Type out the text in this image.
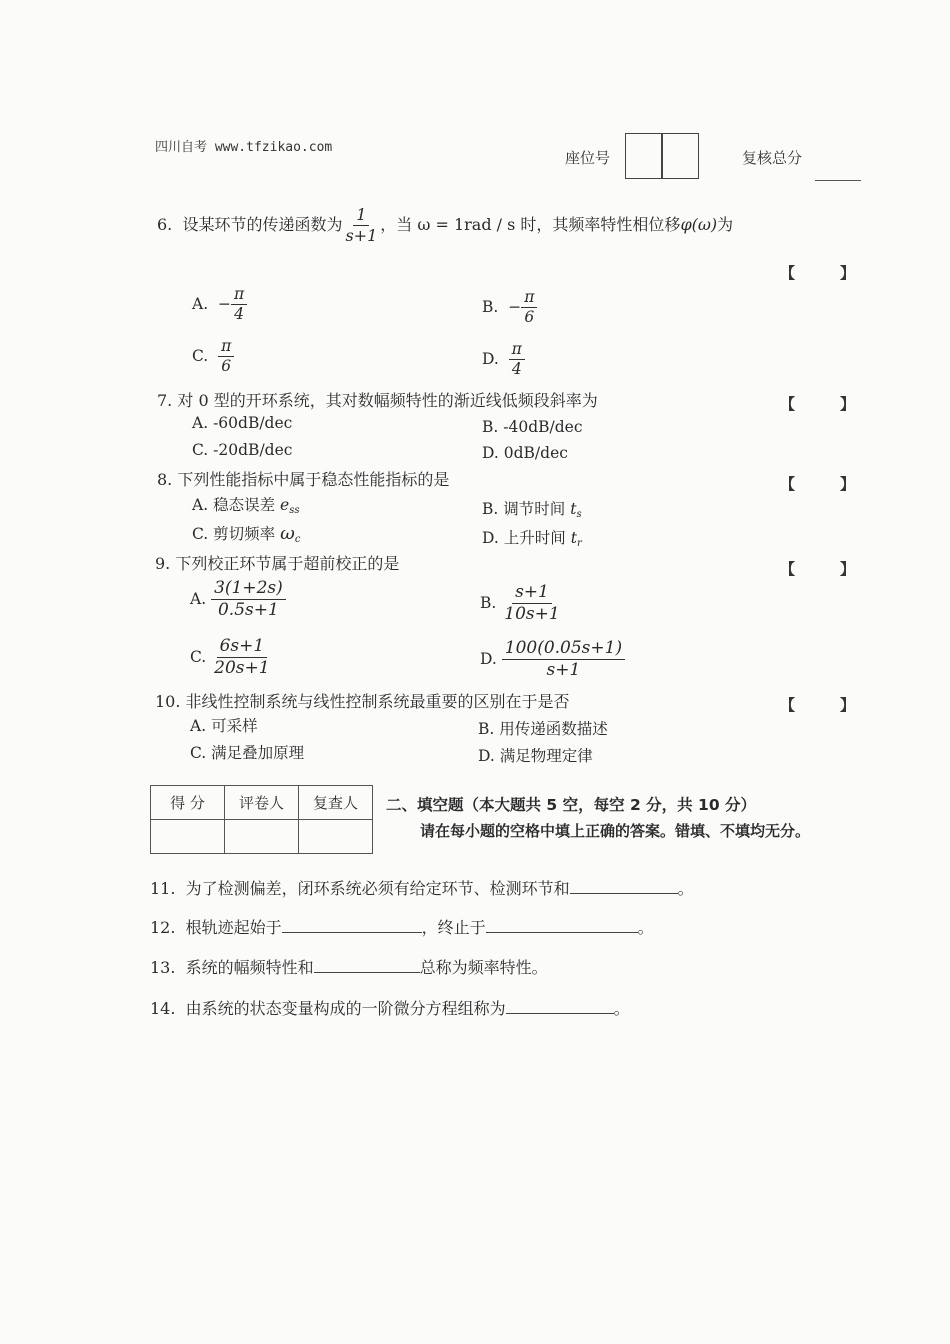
四川自考 www.tfzikao.com
座位号	复核总分
6. 设某环节的传递函数为 $\frac{1}{s+1}$ ，当 ω = 1rad / s 时，其频率特性相位移φ(ω)为
【　　　】
A. − $\frac{\pi}{4}$	B. − $\frac{\pi}{6}$
C. $\frac{\pi}{6}$	D. $\frac{\pi}{4}$
7. 对 0 型的开环系统，其对数幅频特性的渐近线低频段斜率为	【　　　】
A. -60dB/dec	B. -40dB/dec
C. -20dB/dec	D. 0dB/dec
8. 下列性能指标中属于稳态性能指标的是	【　　　】
A. 稳态误差 $e_{ss}$	B. 调节时间 $t_s$
C. 剪切频率 $\omega_c$	D. 上升时间 $t_r$
9. 下列校正环节属于超前校正的是	【　　　】
A. $\frac{3(1+2s)}{0.5s+1}$	B. $\frac{s+1}{10s+1}$
C. $\frac{6s+1}{20s+1}$	D. $\frac{100(0.05s+1)}{s+1}$
10. 非线性控制系统与线性控制系统最重要的区别在于是否	【　　　】
A. 可采样	B. 用传递函数描述
C. 满足叠加原理	D. 满足物理定律
得 分	评卷人	复查人
		二、填空题（本大题共 5 空，每空 2 分，共 10 分）
请在每小题的空格中填上正确的答案。错填、不填均无分。
11. 为了检测偏差，闭环系统必须有给定环节、检测环节和	。
12. 根轨迹起始于	，终止于	。
13. 系统的幅频特性和	总称为频率特性。
14. 由系统的状态变量构成的一阶微分方程组称为	。
